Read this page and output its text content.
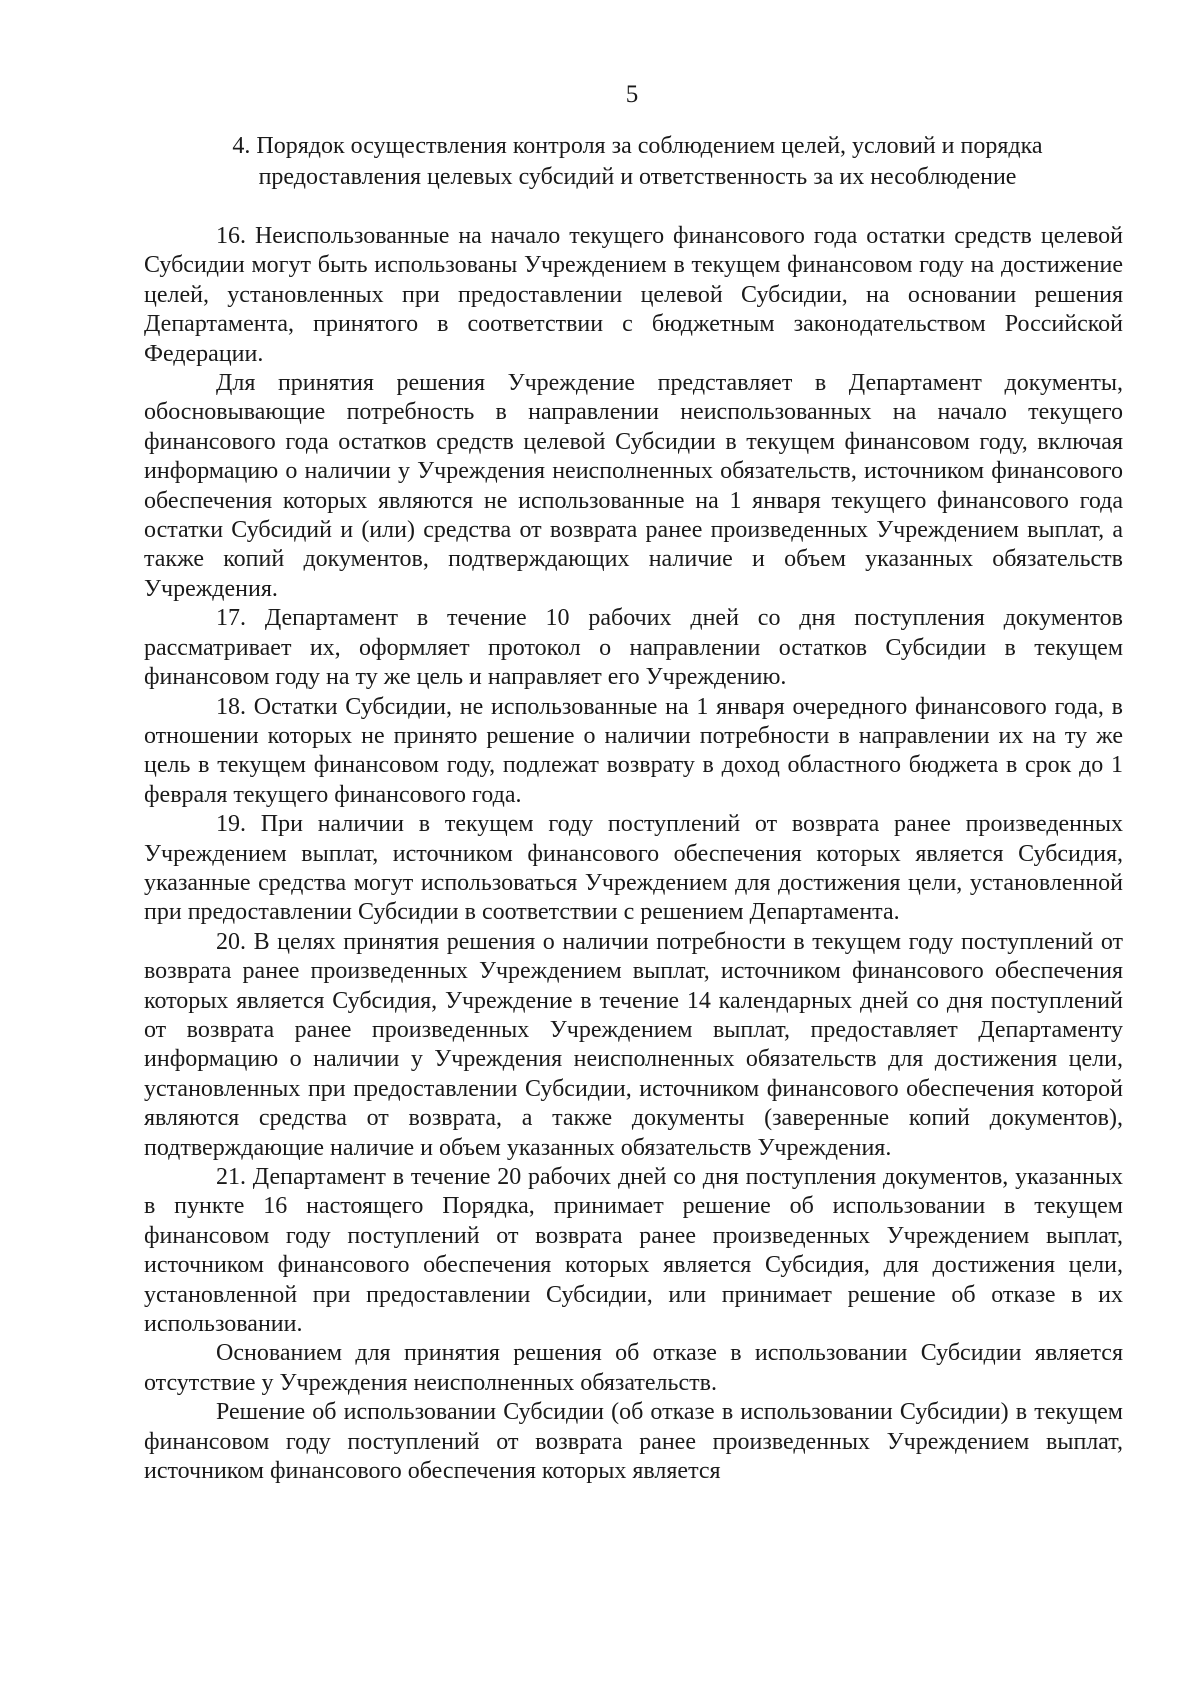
5
4. Порядок осуществления контроля за соблюдением целей, условий и порядка предоставления целевых субсидий и ответственность за их несоблюдение

16. Неиспользованные на начало текущего финансового года остатки средств целевой Субсидии могут быть использованы Учреждением в текущем финансовом году на достижение целей, установленных при предоставлении целевой Субсидии, на основании решения Департамента, принятого в соответствии с бюджетным законодательством Российской Федерации.

Для принятия решения Учреждение представляет в Департамент документы, обосновывающие потребность в направлении неиспользованных на начало текущего финансового года остатков средств целевой Субсидии в текущем финансовом году, включая информацию о наличии у Учреждения неисполненных обязательств, источником финансового обеспечения которых являются не использованные на 1 января текущего финансового года остатки Субсидий и (или) средства от возврата ранее произведенных Учреждением выплат, а также копий документов, подтверждающих наличие и объем указанных обязательств Учреждения.

17. Департамент в течение 10 рабочих дней со дня поступления документов рассматривает их, оформляет протокол о направлении остатков Субсидии в текущем финансовом году на ту же цель и направляет его Учреждению.

18. Остатки Субсидии, не использованные на 1 января очередного финансового года, в отношении которых не принято решение о наличии потребности в направлении их на ту же цель в текущем финансовом году, подлежат возврату в доход областного бюджета в срок до 1 февраля текущего финансового года.

19. При наличии в текущем году поступлений от возврата ранее произведенных Учреждением выплат, источником финансового обеспечения которых является Субсидия, указанные средства могут использоваться Учреждением для достижения цели, установленной при предоставлении Субсидии в соответствии с решением Департамента.

20. В целях принятия решения о наличии потребности в текущем году поступлений от возврата ранее произведенных Учреждением выплат, источником финансового обеспечения которых является Субсидия, Учреждение в течение 14 календарных дней со дня поступлений от возврата ранее произведенных Учреждением выплат, предоставляет Департаменту информацию о наличии у Учреждения неисполненных обязательств для достижения цели, установленных при предоставлении Субсидии, источником финансового обеспечения которой являются средства от возврата, а также документы (заверенные копий документов), подтверждающие наличие и объем указанных обязательств Учреждения.

21. Департамент в течение 20 рабочих дней со дня поступления документов, указанных в пункте 16 настоящего Порядка, принимает решение об использовании в текущем финансовом году поступлений от возврата ранее произведенных Учреждением выплат, источником финансового обеспечения которых является Субсидия, для достижения цели, установленной при предоставлении Субсидии, или принимает решение об отказе в их использовании.

Основанием для принятия решения об отказе в использовании Субсидии является отсутствие у Учреждения неисполненных обязательств.

Решение об использовании Субсидии (об отказе в использовании Субсидии) в текущем финансовом году поступлений от возврата ранее произведенных Учреждением выплат, источником финансового обеспечения которых является
